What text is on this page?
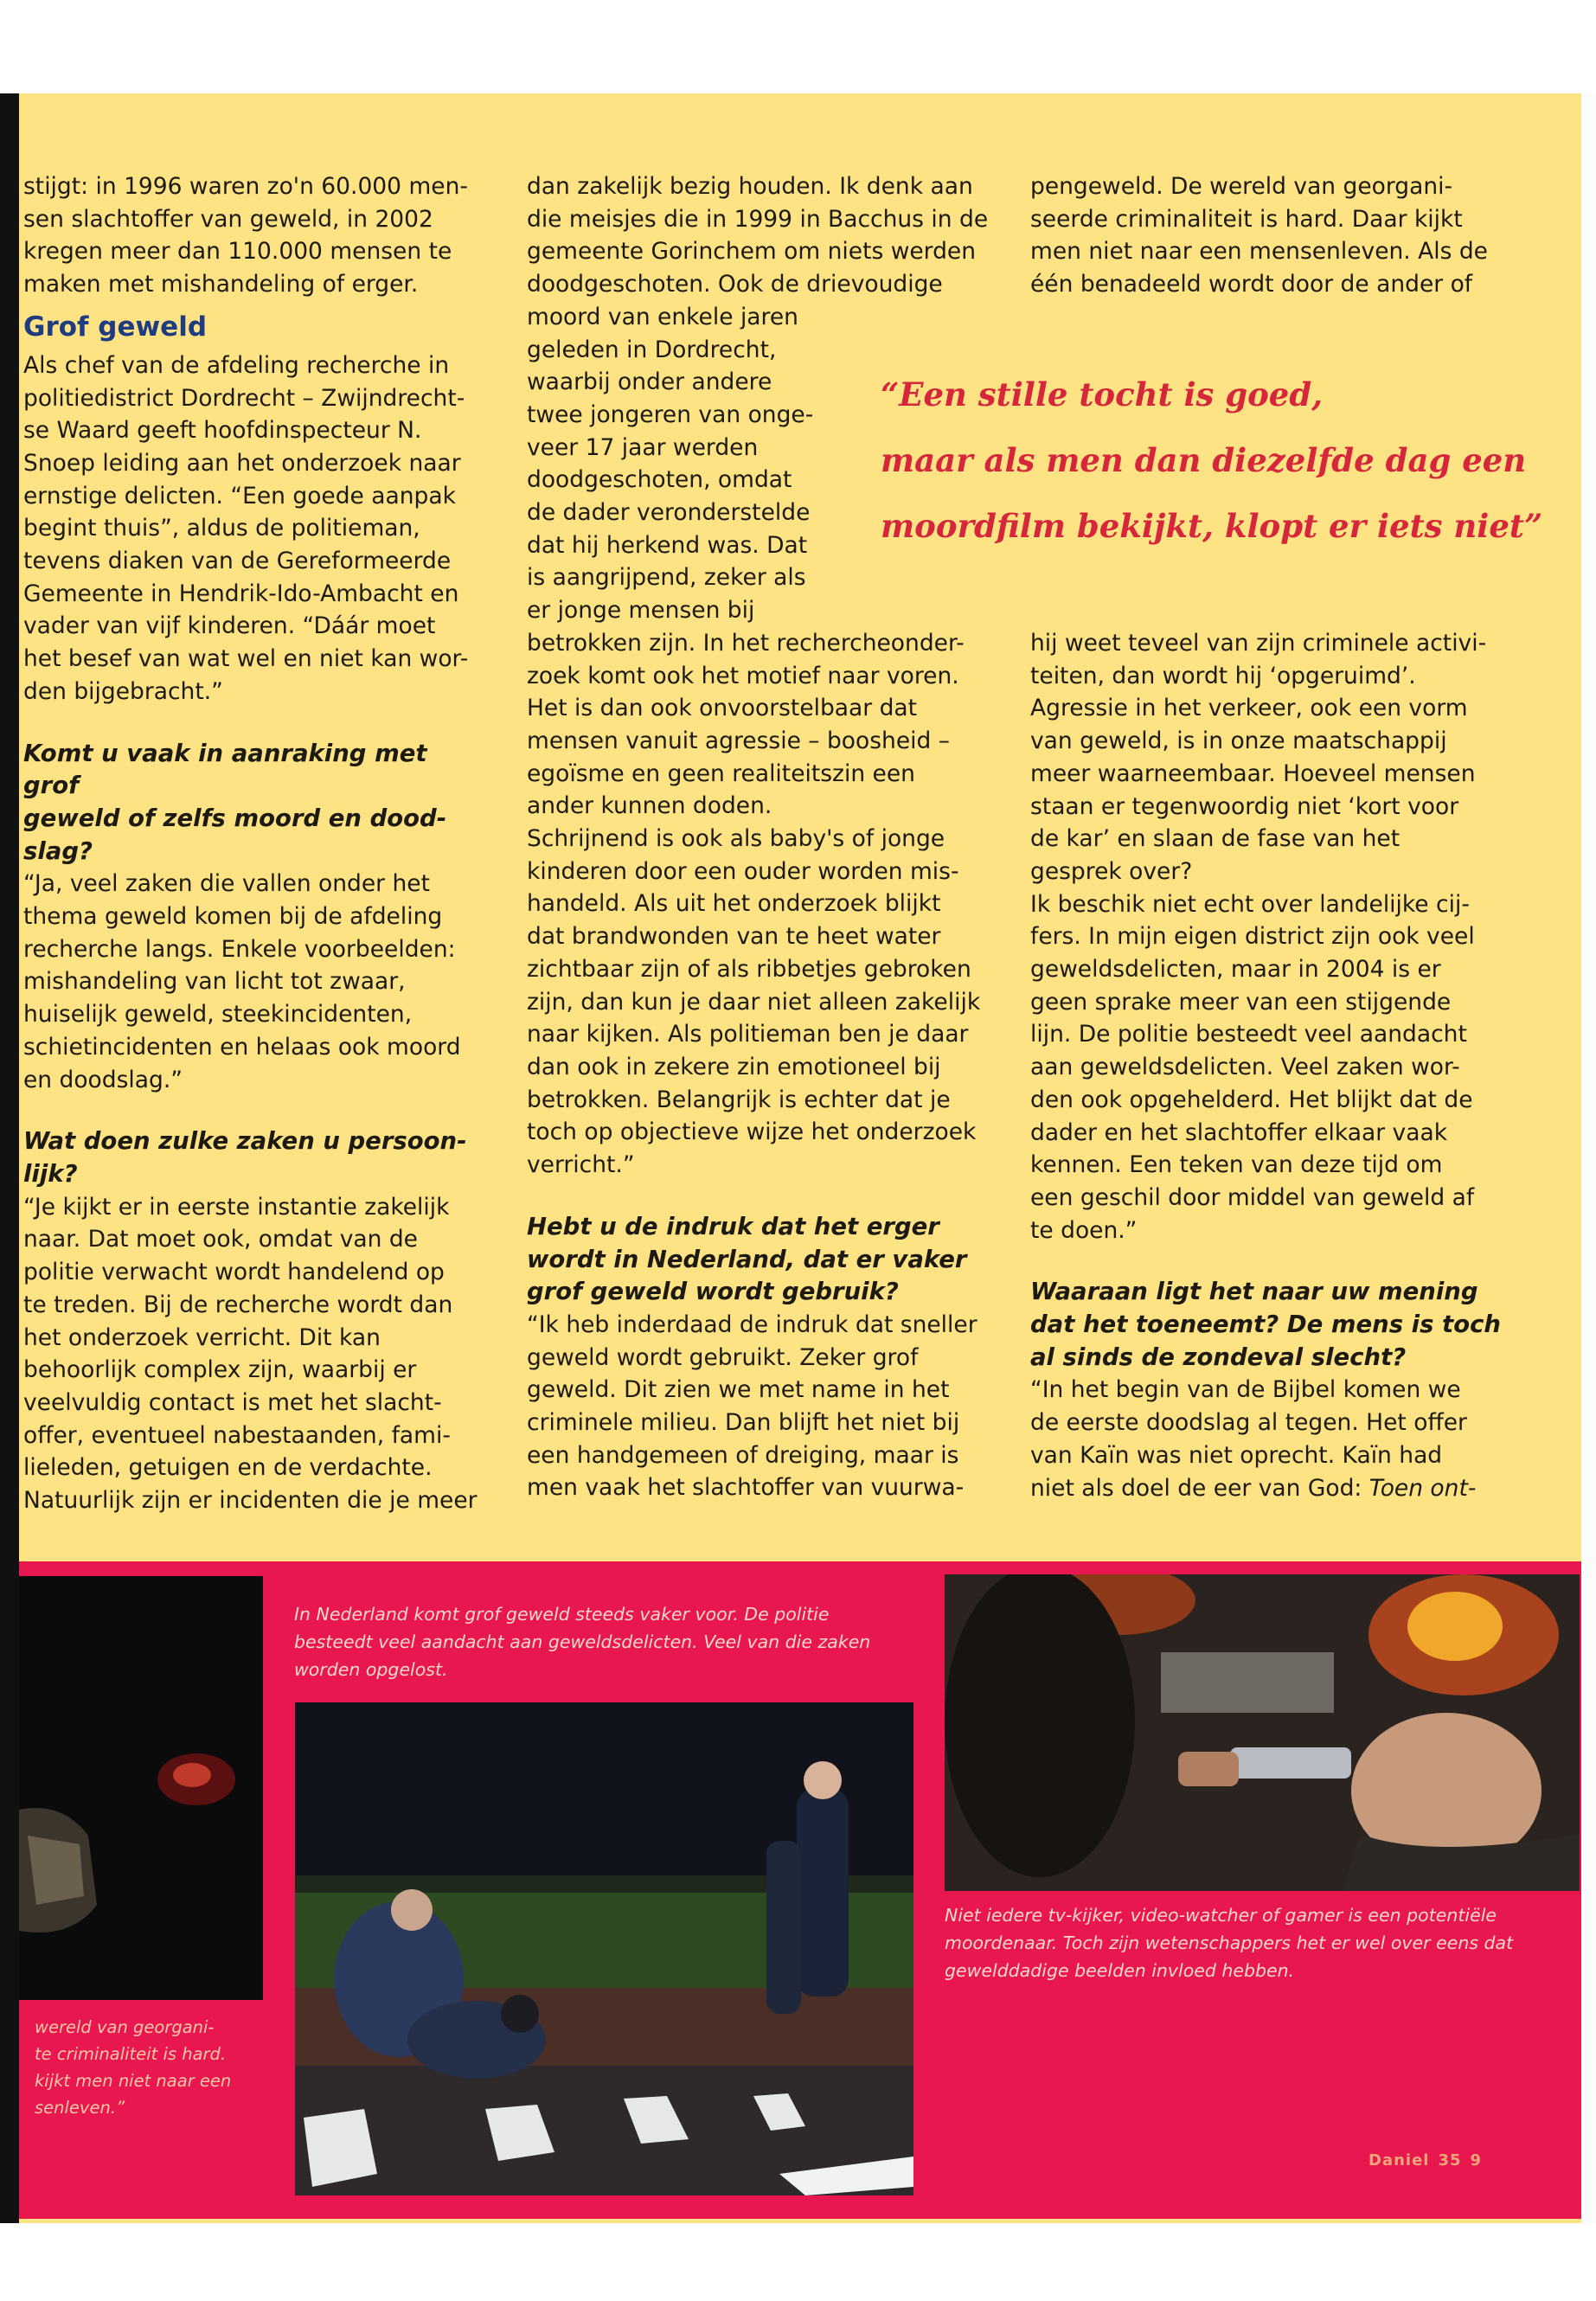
stijgt: in 1996 waren zo'n 60.000 men-
sen slachtoffer van geweld, in 2002
kregen meer dan 110.000 mensen te
maken met mishandeling of erger.
Grof geweld
Als chef van de afdeling recherche in
politiedistrict Dordrecht – Zwijndrecht-
se Waard geeft hoofdinspecteur N.
Snoep leiding aan het onderzoek naar
ernstige delicten. “Een goede aanpak
begint thuis”, aldus de politieman,
tevens diaken van de Gereformeerde
Gemeente in Hendrik-Ido-Ambacht en
vader van vijf kinderen. “Dáár moet
het besef van wat wel en niet kan wor-
den bijgebracht.”
Komt u vaak in aanraking met grof
geweld of zelfs moord en dood-
slag?
“Ja, veel zaken die vallen onder het
thema geweld komen bij de afdeling
recherche langs. Enkele voorbeelden:
mishandeling van licht tot zwaar,
huiselijk geweld, steekincidenten,
schietincidenten en helaas ook moord
en doodslag.”
Wat doen zulke zaken u persoon-
lijk?
“Je kijkt er in eerste instantie zakelijk
naar. Dat moet ook, omdat van de
politie verwacht wordt handelend op
te treden. Bij de recherche wordt dan
het onderzoek verricht. Dit kan
behoorlijk complex zijn, waarbij er
veelvuldig contact is met het slacht-
offer, eventueel nabestaanden, fami-
lieleden, getuigen en de verdachte.
Natuurlijk zijn er incidenten die je meer
dan zakelijk bezig houden. Ik denk aan
die meisjes die in 1999 in Bacchus in de
gemeente Gorinchem om niets werden
doodgeschoten. Ook de drievoudige
moord van enkele jaren
geleden in Dordrecht,
waarbij onder andere
twee jongeren van onge-
veer 17 jaar werden
doodgeschoten, omdat
de dader veronderstelde
dat hij herkend was. Dat
is aangrijpend, zeker als
er jonge mensen bij
betrokken zijn. In het rechercheonder-
zoek komt ook het motief naar voren.
Het is dan ook onvoorstelbaar dat
mensen vanuit agressie – boosheid –
egoïsme en geen realiteitszin een
ander kunnen doden.
Schrijnend is ook als baby's of jonge
kinderen door een ouder worden mis-
handeld. Als uit het onderzoek blijkt
dat brandwonden van te heet water
zichtbaar zijn of als ribbetjes gebroken
zijn, dan kun je daar niet alleen zakelijk
naar kijken. Als politieman ben je daar
dan ook in zekere zin emotioneel bij
betrokken. Belangrijk is echter dat je
toch op objectieve wijze het onderzoek
verricht.”
Hebt u de indruk dat het erger
wordt in Nederland, dat er vaker
grof geweld wordt gebruik?
“Ik heb inderdaad de indruk dat sneller
geweld wordt gebruikt. Zeker grof
geweld. Dit zien we met name in het
criminele milieu. Dan blijft het niet bij
een handgemeen of dreiging, maar is
men vaak het slachtoffer van vuurwa-
pengeweld. De wereld van georgani-
seerde criminaliteit is hard. Daar kijkt
men niet naar een mensenleven. Als de
één benadeeld wordt door de ander of
hij weet teveel van zijn criminele activi-
teiten, dan wordt hij ‘opgeruimd’.
Agressie in het verkeer, ook een vorm
van geweld, is in onze maatschappij
meer waarneembaar. Hoeveel mensen
staan er tegenwoordig niet ‘kort voor
de kar’ en slaan de fase van het
gesprek over?
Ik beschik niet echt over landelijke cij-
fers. In mijn eigen district zijn ook veel
geweldsdelicten, maar in 2004 is er
geen sprake meer van een stijgende
lijn. De politie besteedt veel aandacht
aan geweldsdelicten. Veel zaken wor-
den ook opgehelderd. Het blijkt dat de
dader en het slachtoffer elkaar vaak
kennen. Een teken van deze tijd om
een geschil door middel van geweld af
te doen.”
Waaraan ligt het naar uw mening
dat het toeneemt? De mens is toch
al sinds de zondeval slecht?
“In het begin van de Bijbel komen we
de eerste doodslag al tegen. Het offer
van Kaïn was niet oprecht. Kaïn had
niet als doel de eer van God: Toen ont-
“Een stille tocht is goed,
maar als men dan diezelfde dag een
moordfilm bekijkt, klopt er iets niet”
In Nederland komt grof geweld steeds vaker voor. De politie besteedt veel aandacht aan geweldsdelicten. Veel van die zaken worden opgelost.
Niet iedere tv-kijker, video-watcher of gamer is een potentiële moordenaar. Toch zijn wetenschappers het er wel over eens dat gewelddadige beelden invloed hebben.
wereld van georgani-
te criminaliteit is hard.
kijkt men niet naar een
senleven.”
Daniel 35 9
